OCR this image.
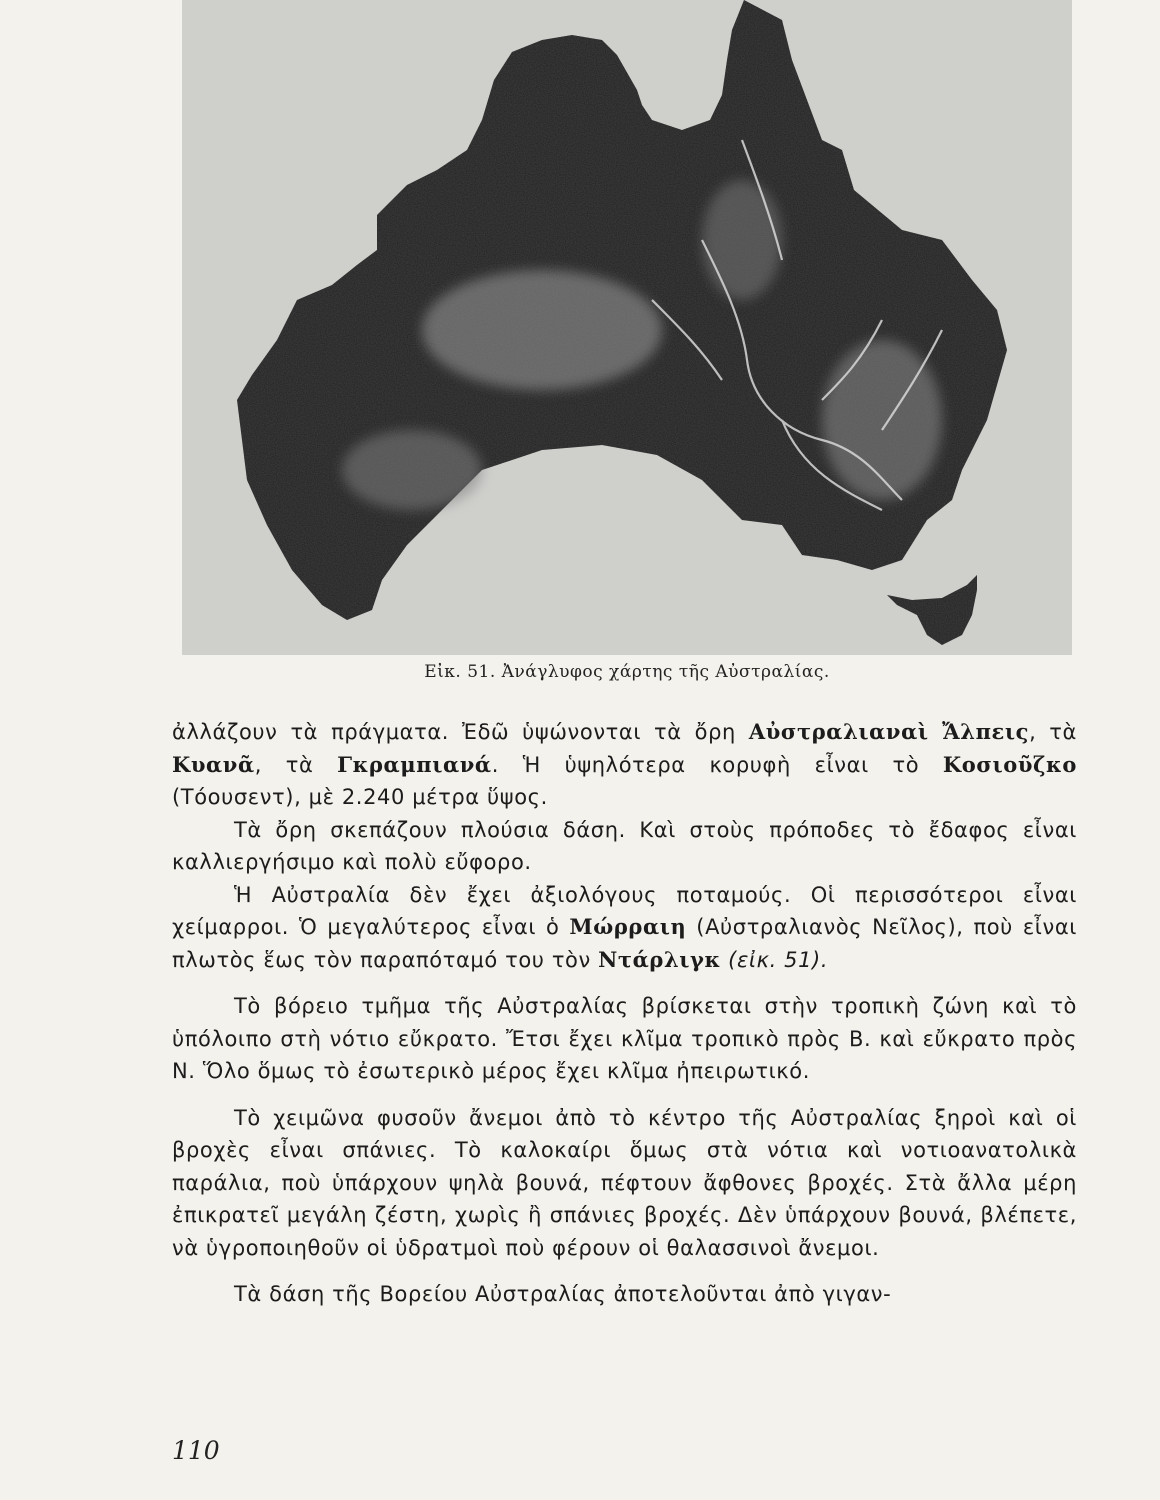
Εἰκ. 51. Ἀνάγλυφος χάρτης τῆς Αὐστραλίας.

ἀλλάζουν τὰ πράγματα. Ἐδῶ ὑψώνονται τὰ ὄρη Αὐστραλιαναὶ Ἄλπεις, τὰ Κυανᾶ, τὰ Γκραμπιανά. Ἡ ὑψηλότερα κορυφὴ εἶναι τὸ Κοσιοῦζκο (Τόουσεντ), μὲ 2.240 μέτρα ὕψος.

Τὰ ὄρη σκεπάζουν πλούσια δάση. Καὶ στοὺς πρόποδες τὸ ἔδαφος εἶναι καλλιεργήσιμο καὶ πολὺ εὔφορο.

Ἡ Αὐστραλία δὲν ἔχει ἀξιολόγους ποταμούς. Οἱ περισσότεροι εἶναι χείμαρροι. Ὁ μεγαλύτερος εἶναι ὁ Μώρραιη (Αὐστραλιανὸς Νεῖλος), ποὺ εἶναι πλωτὸς ἕως τὸν παραπόταμό του τὸν Ντάρλιγκ (εἰκ. 51).

Τὸ βόρειο τμῆμα τῆς Αὐστραλίας βρίσκεται στὴν τροπικὴ ζώνη καὶ τὸ ὑπόλοιπο στὴ νότιο εὔκρατο. Ἔτσι ἔχει κλῖμα τροπικὸ πρὸς Β. καὶ εὔκρατο πρὸς Ν. Ὅλο ὅμως τὸ ἐσωτερικὸ μέρος ἔχει κλῖμα ἠπειρωτικό.

Τὸ χειμῶνα φυσοῦν ἄνεμοι ἀπὸ τὸ κέντρο τῆς Αὐστραλίας ξηροὶ καὶ οἱ βροχὲς εἶναι σπάνιες. Τὸ καλοκαίρι ὅμως στὰ νότια καὶ νοτιοανατολικὰ παράλια, ποὺ ὑπάρχουν ψηλὰ βουνά, πέφτουν ἄφθονες βροχές. Στὰ ἄλλα μέρη ἐπικρατεῖ μεγάλη ζέστη, χωρὶς ἢ σπάνιες βροχές. Δὲν ὑπάρχουν βουνά, βλέπετε, νὰ ὑγροποιηθοῦν οἱ ὑδρατμοὶ ποὺ φέρουν οἱ θαλασσινοὶ ἄνεμοι.

Τὰ δάση τῆς Βορείου Αὐστραλίας ἀποτελοῦνται ἀπὸ γιγαν-

110
